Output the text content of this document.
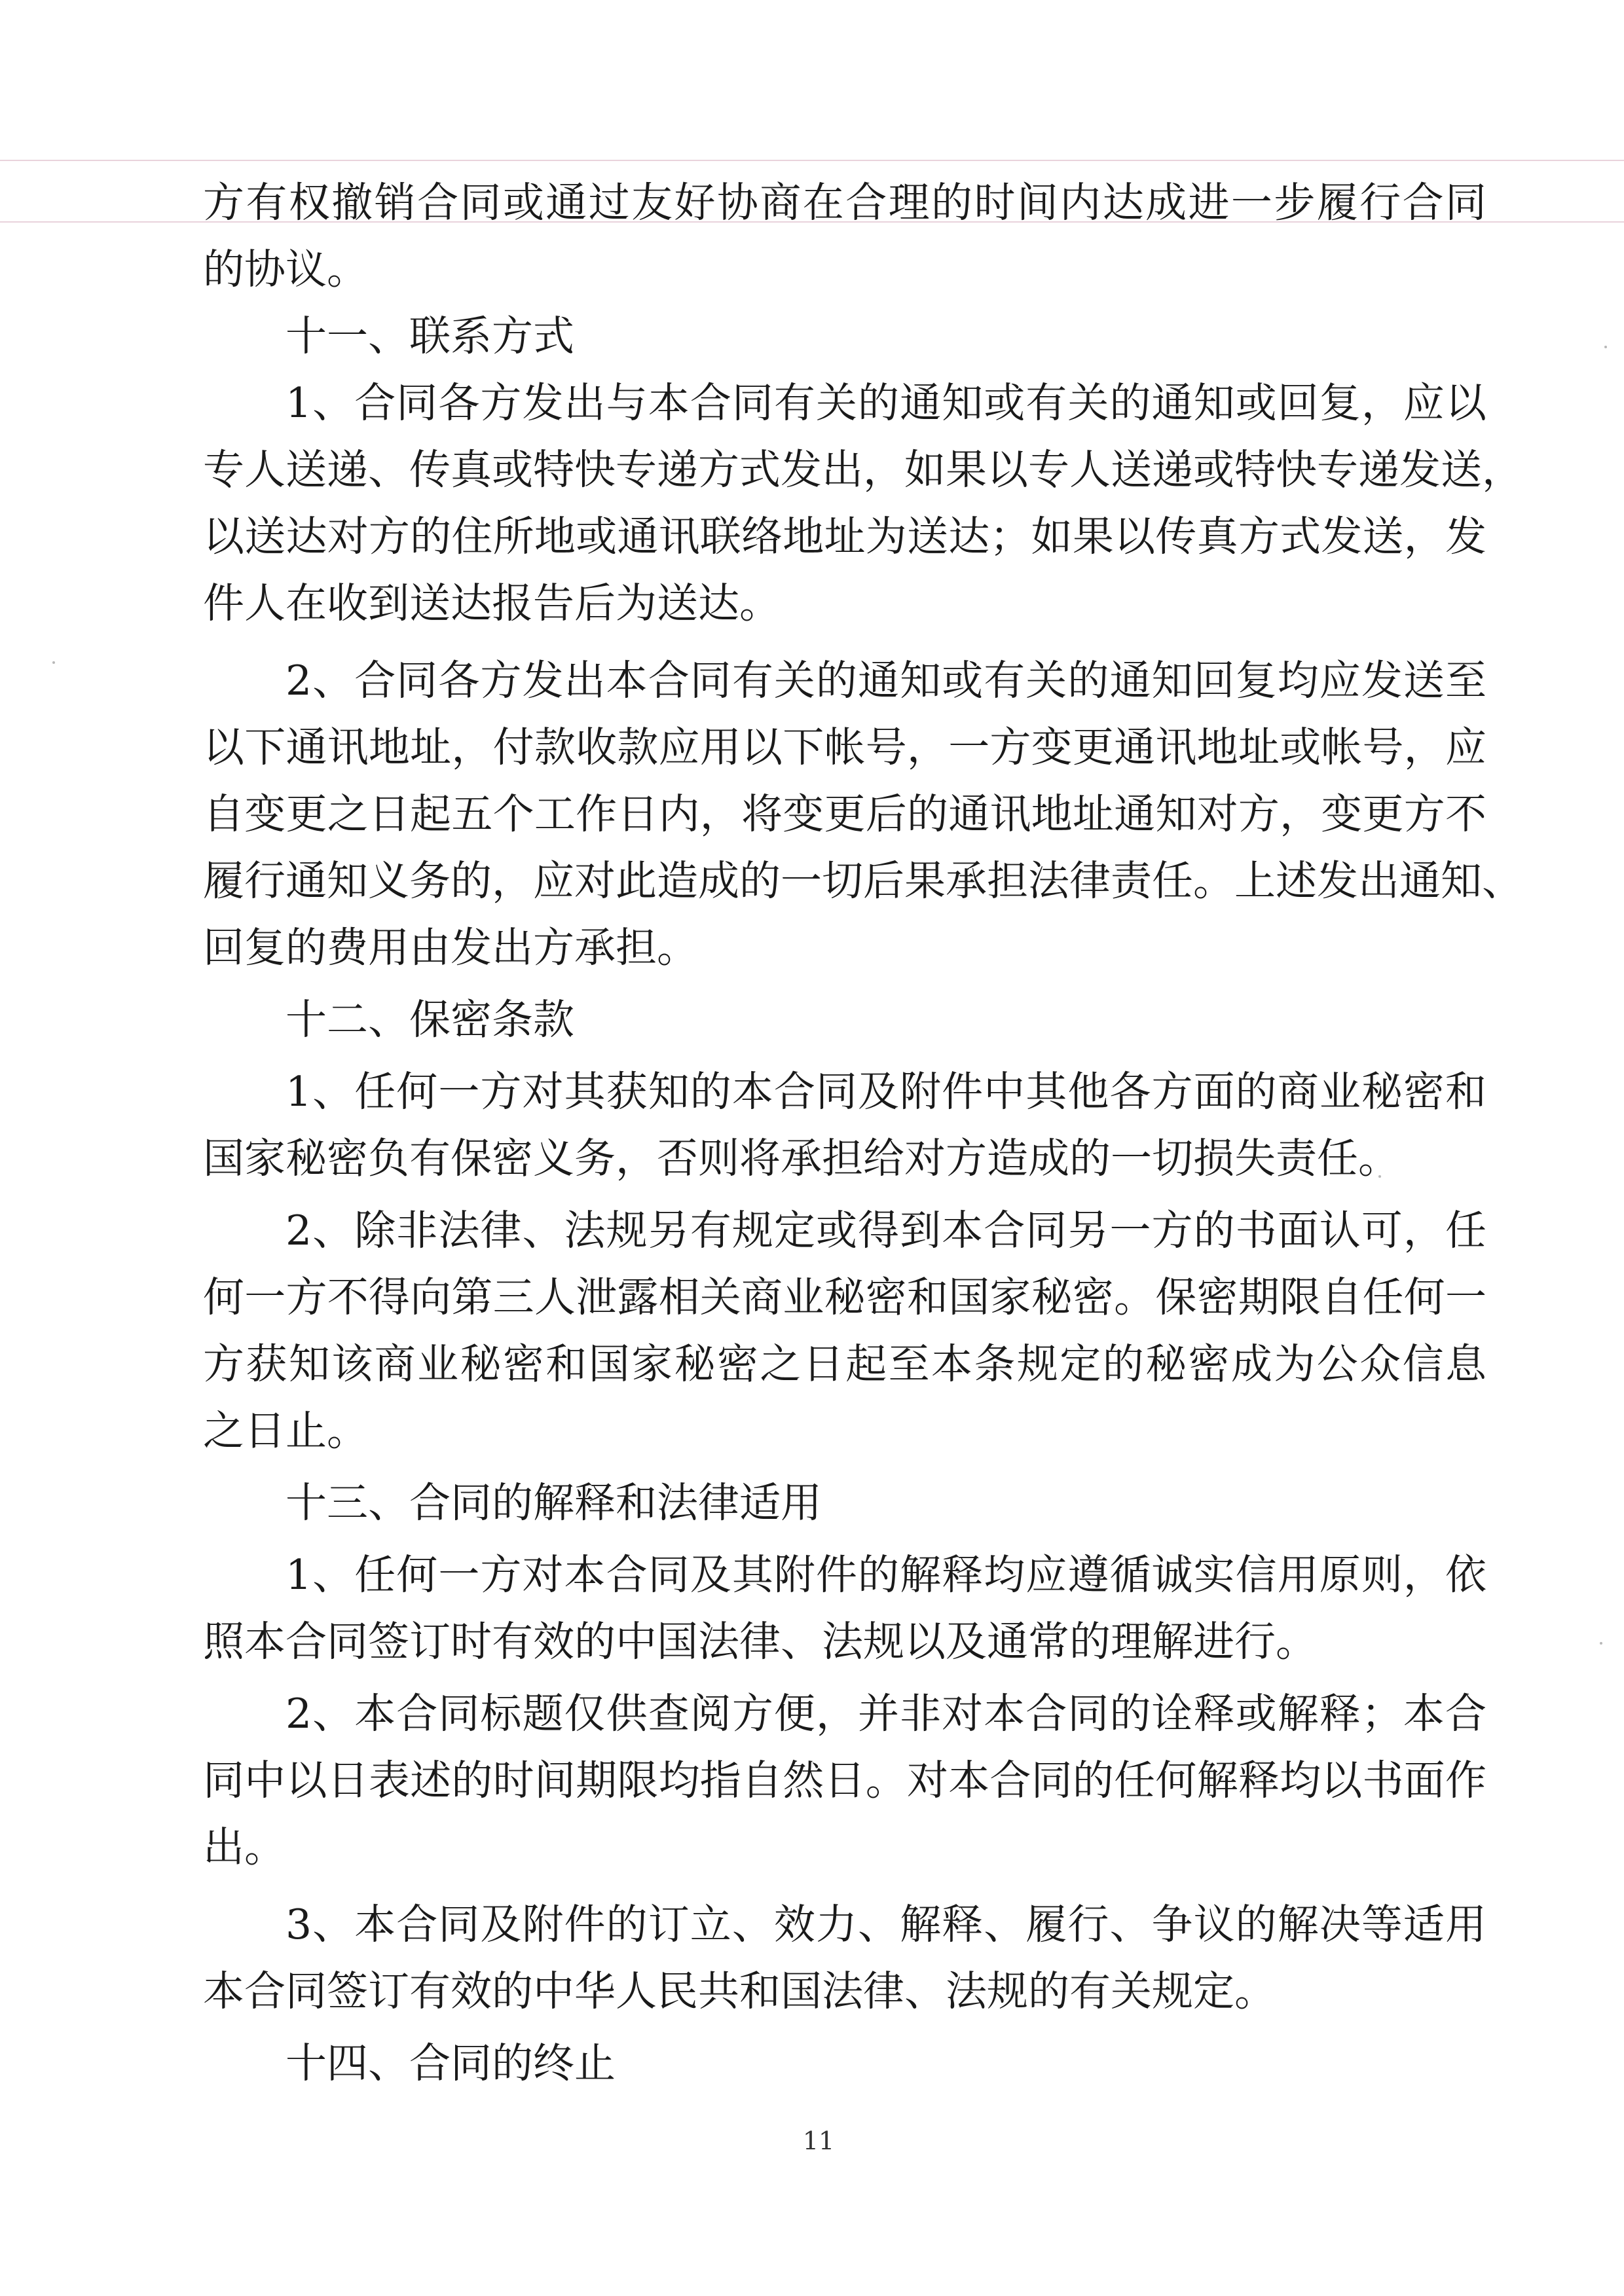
方有权撤销合同或通过友好协商在合理的时间内达成进一步履行合同
的协议。
十一、联系方式
1、合同各方发出与本合同有关的通知或有关的通知或回复，应以
专人送递、传真或特快专递方式发出，如果以专人送递或特快专递发送，
以送达对方的住所地或通讯联络地址为送达；如果以传真方式发送，发
件人在收到送达报告后为送达。
2、合同各方发出本合同有关的通知或有关的通知回复均应发送至
以下通讯地址，付款收款应用以下帐号，一方变更通讯地址或帐号，应
自变更之日起五个工作日内，将变更后的通讯地址通知对方，变更方不
履行通知义务的，应对此造成的一切后果承担法律责任。上述发出通知、
回复的费用由发出方承担。
十二、保密条款
1、任何一方对其获知的本合同及附件中其他各方面的商业秘密和
国家秘密负有保密义务，否则将承担给对方造成的一切损失责任。
2、除非法律、法规另有规定或得到本合同另一方的书面认可，任
何一方不得向第三人泄露相关商业秘密和国家秘密。保密期限自任何一
方获知该商业秘密和国家秘密之日起至本条规定的秘密成为公众信息
之日止。
十三、合同的解释和法律适用
1、任何一方对本合同及其附件的解释均应遵循诚实信用原则，依
照本合同签订时有效的中国法律、法规以及通常的理解进行。
2、本合同标题仅供查阅方便，并非对本合同的诠释或解释；本合
同中以日表述的时间期限均指自然日。对本合同的任何解释均以书面作
出。
3、本合同及附件的订立、效力、解释、履行、争议的解决等适用
本合同签订有效的中华人民共和国法律、法规的有关规定。
十四、合同的终止
11
